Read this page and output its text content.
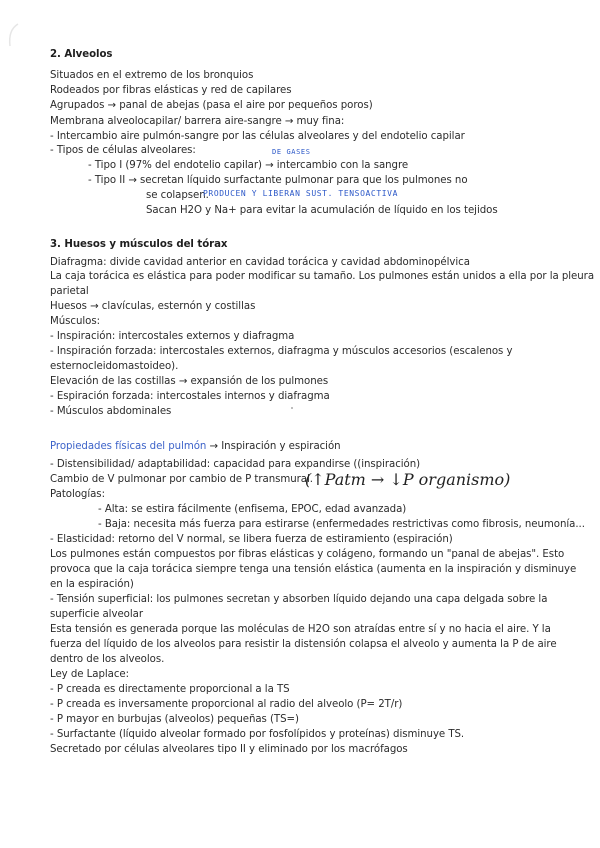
2. Alveolos
Situados en el extremo de los bronquios
Rodeados por fibras elásticas y red de capilares
Agrupados → panal de abejas (pasa el aire por pequeños poros)
Membrana alveolocapilar/ barrera aire-sangre → muy fina:
- Intercambio aire pulmón-sangre por las células alveolares y del endotelio capilar
DE GASES
- Tipos de células alveolares:
- Tipo I (97% del endotelio capilar) → intercambio con la sangre
- Tipo II → secretan líquido surfactante pulmonar para que los pulmones no
se colapsen.
PRODUCEN Y LIBERAN SUST. TENSOACTIVA
Sacan H2O y Na+ para evitar la acumulación de líquido en los tejidos
3. Huesos y músculos del tórax
Diafragma: divide cavidad anterior en cavidad torácica y cavidad abdominopélvica
La caja torácica es elástica para poder modificar su tamaño. Los pulmones están unidos a ella por la pleura
parietal
Huesos → clavículas, esternón y costillas
Músculos:
- Inspiración: intercostales externos y diafragma
- Inspiración forzada: intercostales externos, diafragma y músculos accesorios (escalenos y
esternocleidomastoideo).
Elevación de las costillas → expansión de los pulmones
- Espiración forzada: intercostales internos y diafragma
- Músculos abdominales
Propiedades físicas del pulmón → Inspiración y espiración
- Distensibilidad/ adaptabilidad: capacidad para expandirse ((inspiración)
Cambio de V pulmonar por cambio de P transmural.
(↑Patm → ↓P organismo)
Patologías:
- Alta: se estira fácilmente (enfisema, EPOC, edad avanzada)
- Baja: necesita más fuerza para estirarse (enfermedades restrictivas como fibrosis, neumonía...
- Elasticidad: retorno del V normal, se libera fuerza de estiramiento (espiración)
Los pulmones están compuestos por fibras elásticas y colágeno, formando un "panal de abejas". Esto
provoca que la caja torácica siempre tenga una tensión elástica (aumenta en la inspiración y disminuye
en la espiración)
- Tensión superficial: los pulmones secretan y absorben líquido dejando una capa delgada sobre la
superficie alveolar
Esta tensión es generada porque las moléculas de H2O son atraídas entre sí y no hacia el aire. Y la
fuerza del líquido de los alveolos para resistir la distensión colapsa el alveolo y aumenta la P de aire
dentro de los alveolos.
Ley de Laplace:
- P creada es directamente proporcional a la TS
- P creada es inversamente proporcional al radio del alveolo (P= 2T/r)
- P mayor en burbujas (alveolos) pequeñas (TS=)
- Surfactante (líquido alveolar formado por fosfolípidos y proteínas) disminuye TS.
Secretado por células alveolares tipo II y eliminado por los macrófagos
